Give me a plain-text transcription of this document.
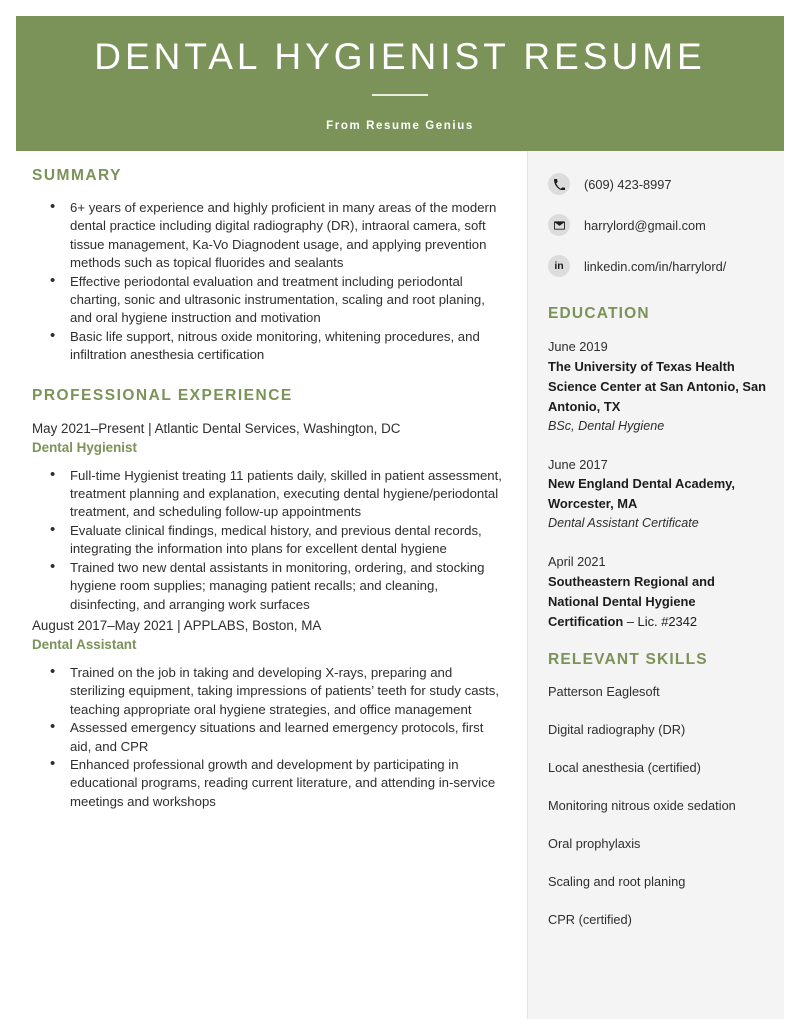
DENTAL HYGIENIST RESUME
From Resume Genius
SUMMARY
• 6+ years of experience and highly proficient in many areas of the modern dental practice including digital radiography (DR), intraoral camera, soft tissue management, Ka-Vo Diagnodent usage, and applying prevention methods such as topical fluorides and sealants
• Effective periodontal evaluation and treatment including periodontal charting, sonic and ultrasonic instrumentation, scaling and root planing, and oral hygiene instruction and motivation
• Basic life support, nitrous oxide monitoring, whitening procedures, and infiltration anesthesia certification
PROFESSIONAL EXPERIENCE
May 2021–Present | Atlantic Dental Services, Washington, DC
Dental Hygienist
• Full-time Hygienist treating 11 patients daily, skilled in patient assessment, treatment planning and explanation, executing dental hygiene/periodontal treatment, and scheduling follow-up appointments
• Evaluate clinical findings, medical history, and previous dental records, integrating the information into plans for excellent dental hygiene
• Trained two new dental assistants in monitoring, ordering, and stocking hygiene room supplies; managing patient recalls; and cleaning, disinfecting, and arranging work surfaces
August 2017–May 2021 | APPLABS, Boston, MA
Dental Assistant
• Trained on the job in taking and developing X-rays, preparing and sterilizing equipment, taking impressions of patients’ teeth for study casts, teaching appropriate oral hygiene strategies, and office management
• Assessed emergency situations and learned emergency protocols, first aid, and CPR
• Enhanced professional growth and development by participating in educational programs, reading current literature, and attending in-service meetings and workshops
(609) 423-8997
harrylord@gmail.com
in linkedin.com/in/harrylord/
EDUCATION
June 2019
The University of Texas Health Science Center at San Antonio, San Antonio, TX
BSc, Dental Hygiene
June 2017
New England Dental Academy, Worcester, MA
Dental Assistant Certificate
April 2021
Southeastern Regional and National Dental Hygiene Certification – Lic. #2342
RELEVANT SKILLS
Patterson Eaglesoft
Digital radiography (DR)
Local anesthesia (certified)
Monitoring nitrous oxide sedation
Oral prophylaxis
Scaling and root planing
CPR (certified)
